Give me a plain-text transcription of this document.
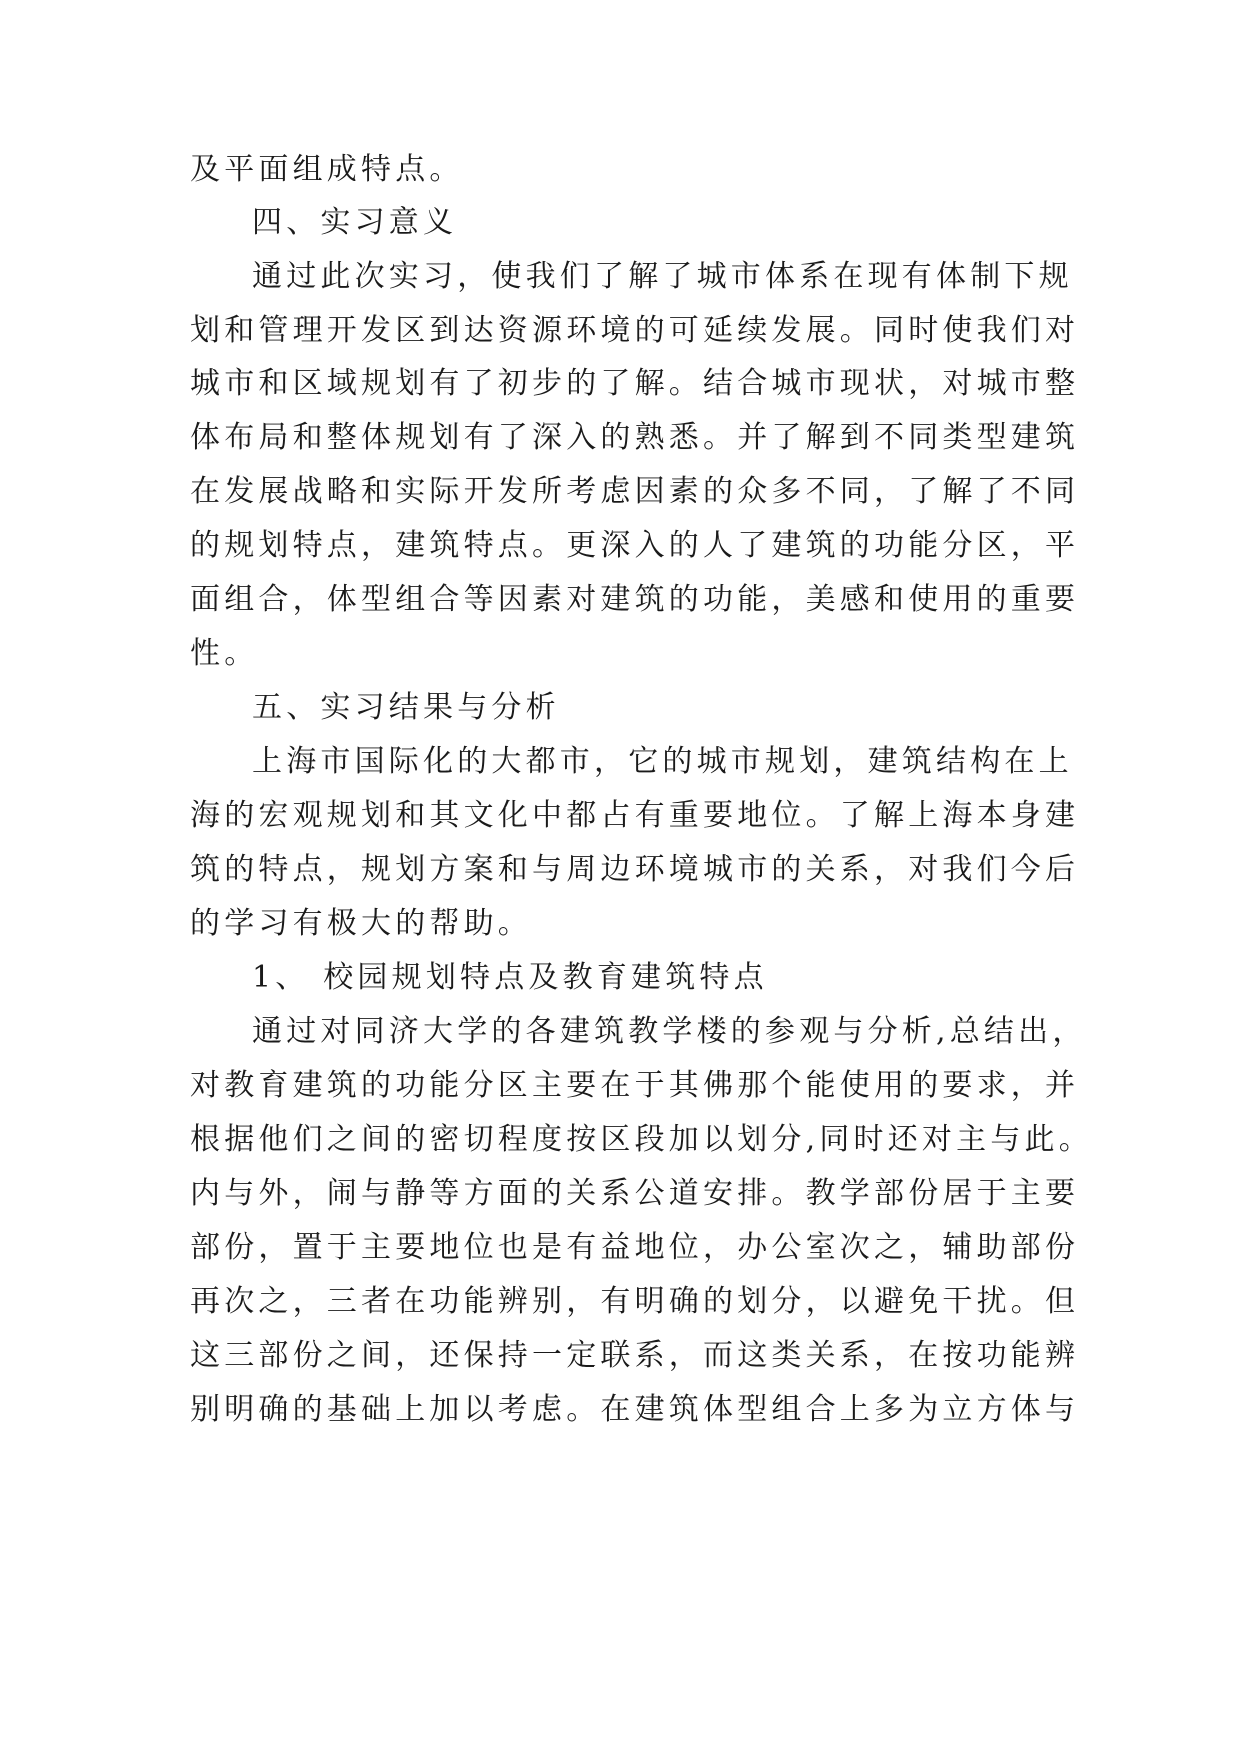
及平面组成特点。
四、实习意义
通过此次实习，使我们了解了城市体系在现有体制下规
划和管理开发区到达资源环境的可延续发展。同时使我们对
城市和区域规划有了初步的了解。结合城市现状，对城市整
体布局和整体规划有了深入的熟悉。并了解到不同类型建筑
在发展战略和实际开发所考虑因素的众多不同，了解了不同
的规划特点，建筑特点。更深入的人了建筑的功能分区，平
面组合，体型组合等因素对建筑的功能，美感和使用的重要
性。
五、实习结果与分析
上海市国际化的大都市，它的城市规划，建筑结构在上
海的宏观规划和其文化中都占有重要地位。了解上海本身建
筑的特点，规划方案和与周边环境城市的关系，对我们今后
的学习有极大的帮助。
1、 校园规划特点及教育建筑特点
通过对同济大学的各建筑教学楼的参观与分析,总结出，
对教育建筑的功能分区主要在于其佛那个能使用的要求，并
根据他们之间的密切程度按区段加以划分,同时还对主与此。
内与外，闹与静等方面的关系公道安排。教学部份居于主要
部份，置于主要地位也是有益地位，办公室次之，辅助部份
再次之，三者在功能辨别，有明确的划分，以避免干扰。但
这三部份之间，还保持一定联系，而这类关系，在按功能辨
别明确的基础上加以考虑。在建筑体型组合上多为立方体与
